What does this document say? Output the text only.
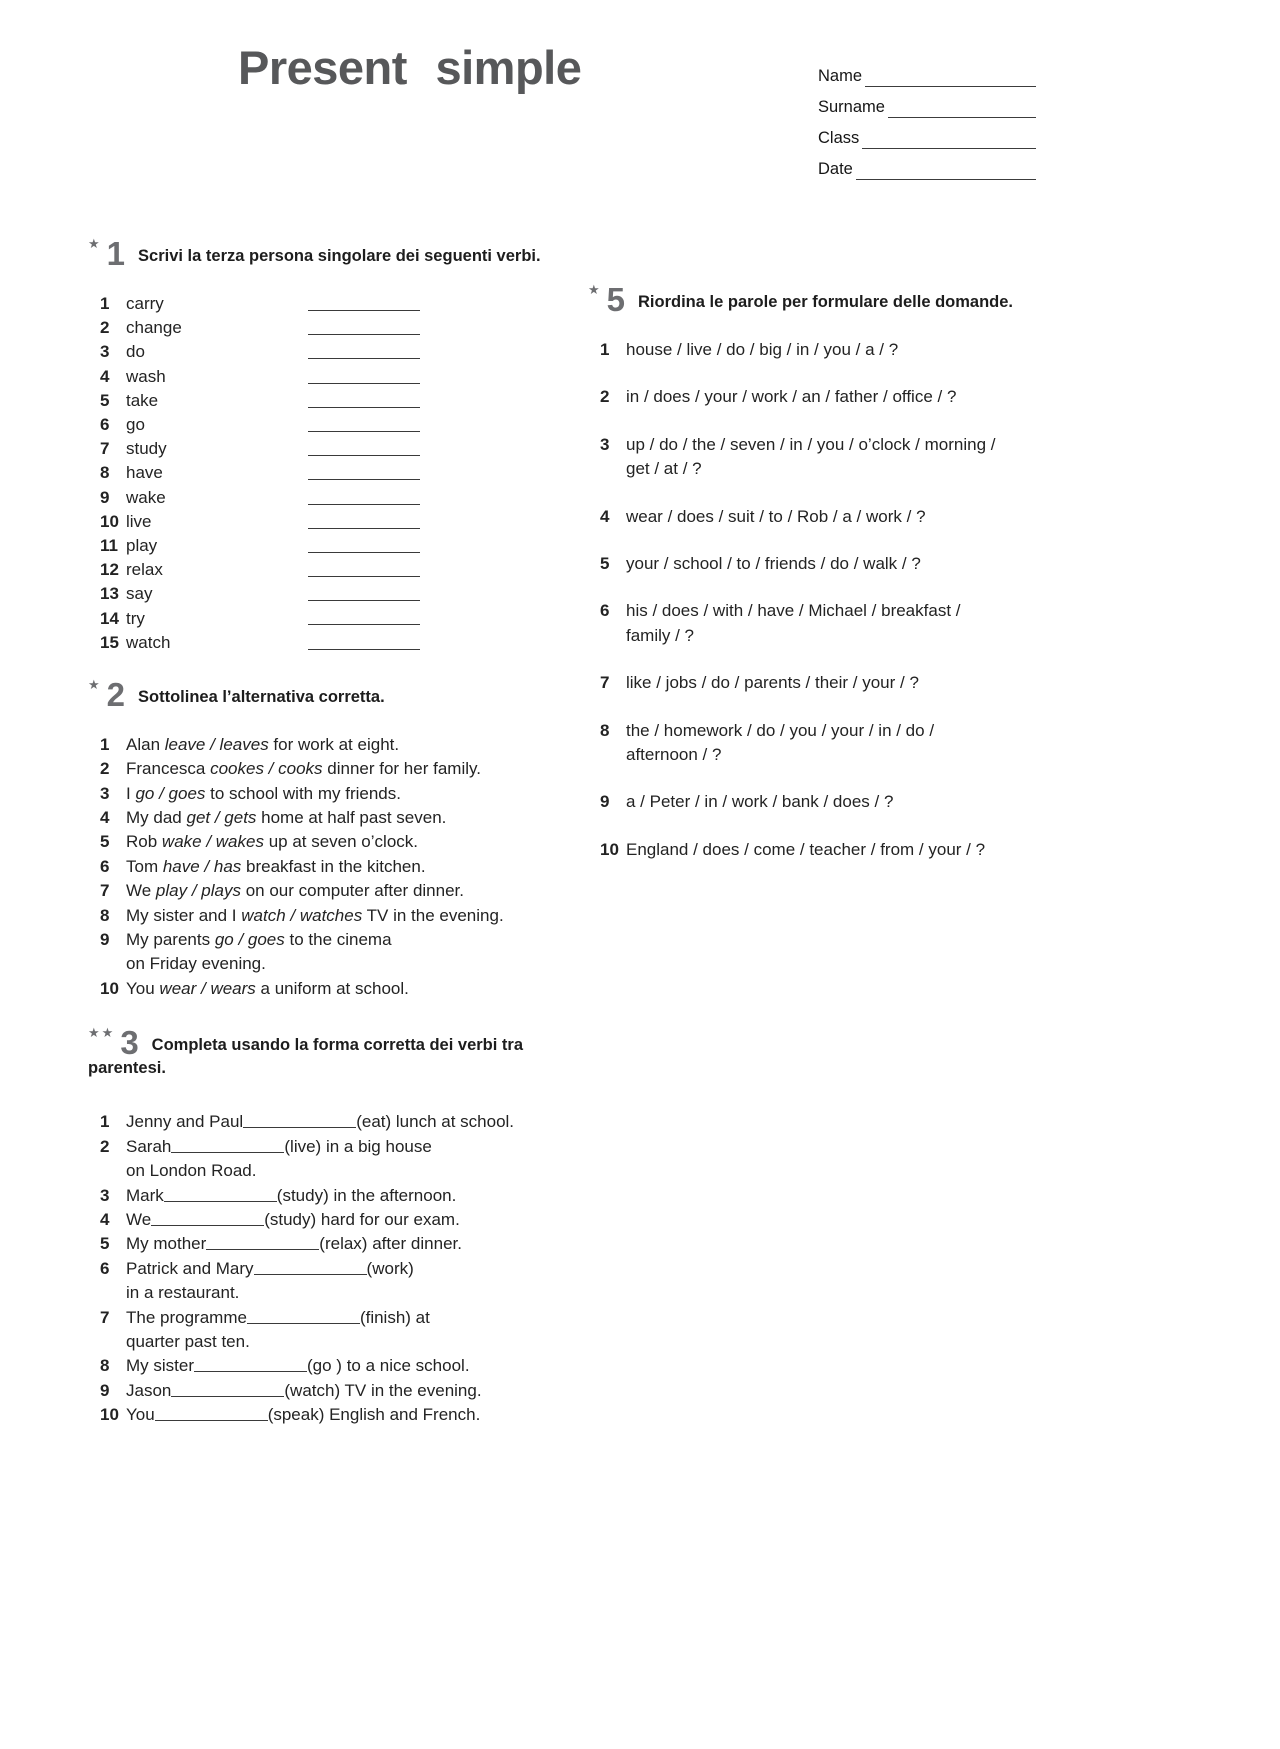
Present simple	Name
Surname
Class
Date
★ 1 Scrivi la terza persona singolare dei seguenti verbi.
1 carry
2 change
3 do
4 wash
5 take
6 go
7 study
8 have
9 wake
10 live
11 play
12 relax
13 say
14 try
15 watch
★ 2 Sottolinea l’alternativa corretta.
1 Alan leave / leaves for work at eight.
2 Francesca cookes / cooks dinner for her family.
3 I go / goes to school with my friends.
4 My dad get / gets home at half past seven.
5 Rob wake / wakes up at seven o’clock.
6 Tom have / has breakfast in the kitchen.
7 We play / plays on our computer after dinner.
8 My sister and I watch / watches TV in the evening.
9 My parents go / goes to the cinema
on Friday evening.
10 You wear / wears a uniform at school.
★★ 3 Completa usando la forma corretta dei verbi tra parentesi.
1 Jenny and Paul	(eat) lunch at school.
2 Sarah	(live) in a big house
on London Road.
3 Mark	(study) in the afternoon.
4 We	(study) hard for our exam.
5 My mother	(relax) after dinner.
6 Patrick and Mary	(work)
in a restaurant.
7 The programme	(finish) at
quarter past ten.
8 My sister	(go ) to a nice school.
9 Jason	(watch) TV in the evening.
10 You	(speak) English and French.
★ 5 Riordina le parole per formulare delle domande.
1 house / live / do / big / in / you / a / ?
2 in / does / your / work / an / father / office / ?
3 up / do / the / seven / in / you / o’clock / morning /
get / at / ?
4 wear / does / suit / to / Rob / a / work / ?
5 your / school / to / friends / do / walk / ?
6 his / does / with / have / Michael / breakfast /
family / ?
7 like / jobs / do / parents / their / your / ?
8 the / homework / do / you / your / in / do /
afternoon / ?
9 a / Peter / in / work / bank / does / ?
10 England / does / come / teacher / from / your / ?
